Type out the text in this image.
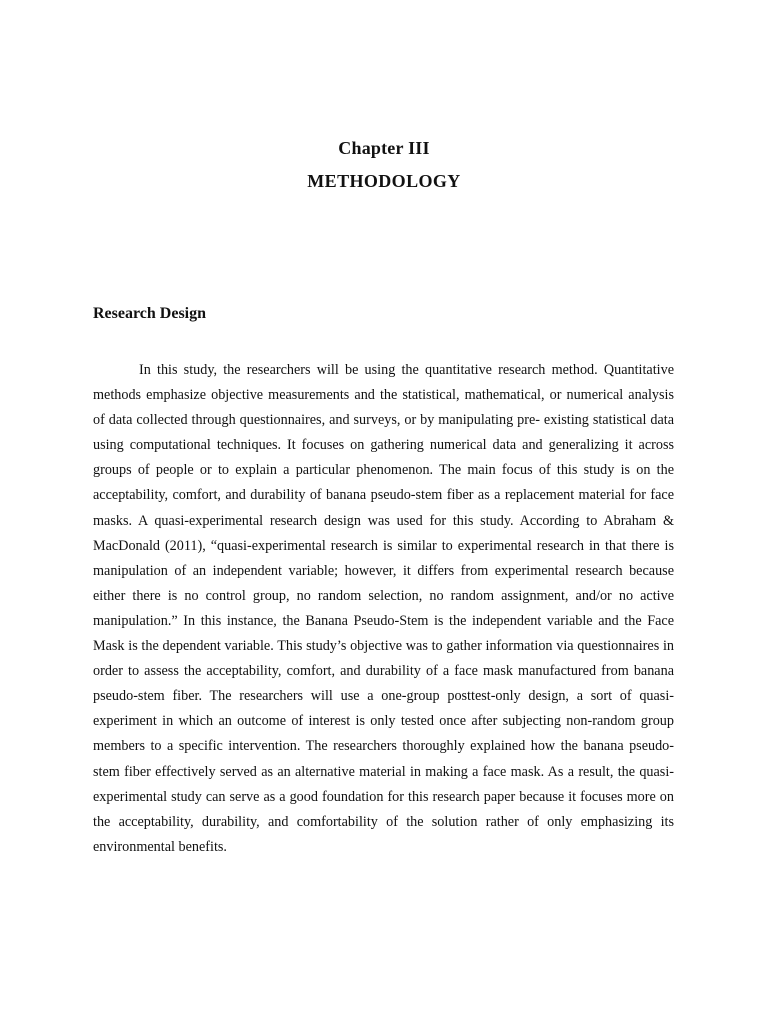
Chapter III
METHODOLOGY
Research Design

In this study, the researchers will be using the quantitative research method. Quantitative methods emphasize objective measurements and the statistical, mathematical, or numerical analysis of data collected through questionnaires, and surveys, or by manipulating pre- existing statistical data using computational techniques. It focuses on gathering numerical data and generalizing it across groups of people or to explain a particular phenomenon. The main focus of this study is on the acceptability, comfort, and durability of banana pseudo-stem fiber as a replacement material for face masks. A quasi-experimental research design was used for this study. According to Abraham & MacDonald (2011), “quasi-experimental research is similar to experimental research in that there is manipulation of an independent variable; however, it differs from experimental research because either there is no control group, no random selection, no random assignment, and/or no active manipulation.” In this instance, the Banana Pseudo-Stem is the independent variable and the Face Mask is the dependent variable. This study’s objective was to gather information via questionnaires in order to assess the acceptability, comfort, and durability of a face mask manufactured from banana pseudo-stem fiber. The researchers will use a one-group posttest-only design, a sort of quasi-experiment in which an outcome of interest is only tested once after subjecting non-random group members to a specific intervention. The researchers thoroughly explained how the banana pseudo-stem fiber effectively served as an alternative material in making a face mask. As a result, the quasi-experimental study can serve as a good foundation for this research paper because it focuses more on the acceptability, durability, and comfortability of the solution rather of only emphasizing its environmental benefits.
